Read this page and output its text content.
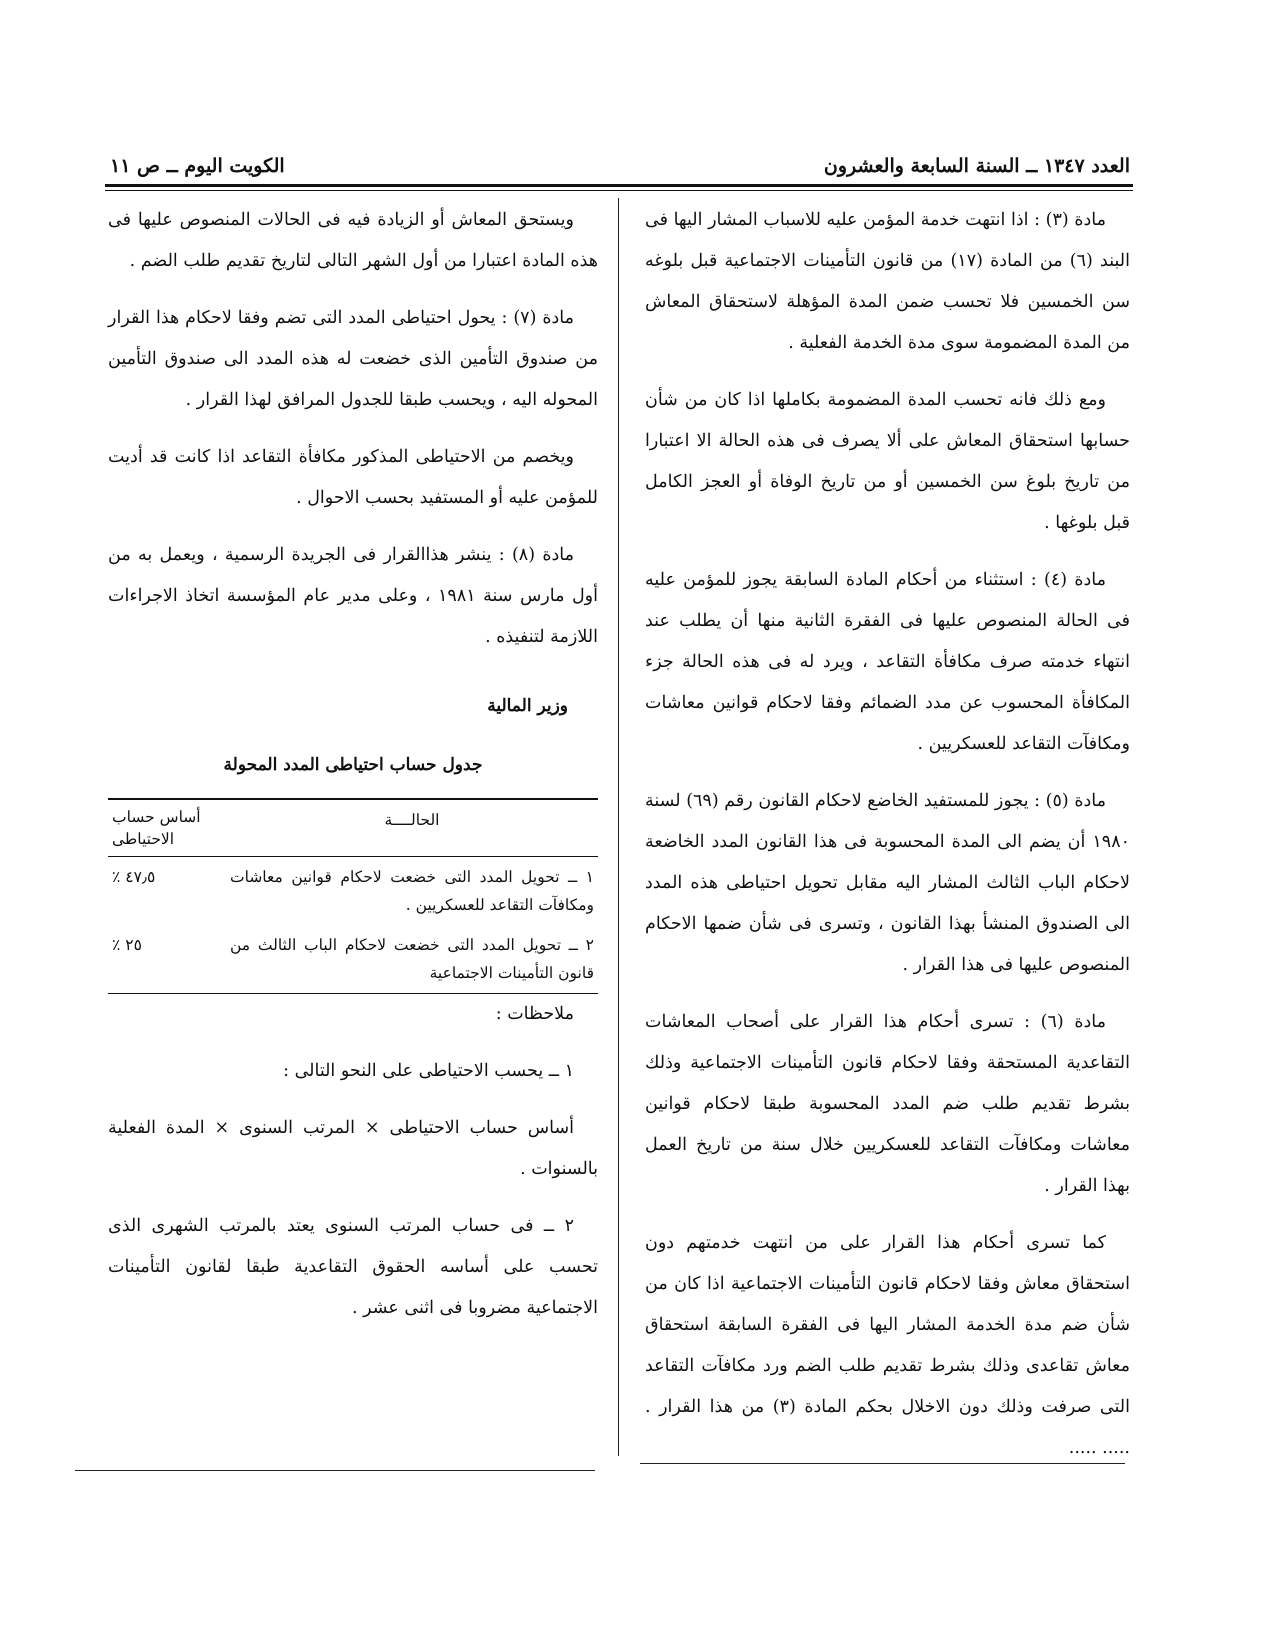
العدد ١٣٤٧ ــ السنة السابعة والعشرون
الكويت اليوم ــ ص ١١

مادة (٣) : اذا انتهت خدمة المؤمن عليه للاسباب المشار اليها فى البند (٦) من المادة (١٧) من قانون التأمينات الاجتماعية قبل بلوغه سن الخمسين فلا تحسب ضمن المدة المؤهلة لاستحقاق المعاش من المدة المضمومة سوى مدة الخدمة الفعلية .

ومع ذلك فانه تحسب المدة المضمومة بكاملها اذا كان من شأن حسابها استحقاق المعاش على ألا يصرف فى هذه الحالة الا اعتبارا من تاريخ بلوغ سن الخمسين أو من تاريخ الوفاة أو العجز الكامل قبل بلوغها .

مادة (٤) : استثناء من أحكام المادة السابقة يجوز للمؤمن عليه فى الحالة المنصوص عليها فى الفقرة الثانية منها أن يطلب عند انتهاء خدمته صرف مكافأة التقاعد ، ويرد له فى هذه الحالة جزء المكافأة المحسوب عن مدد الضمائم وفقا لاحكام قوانين معاشات ومكافآت التقاعد للعسكريين .

مادة (٥) : يجوز للمستفيد الخاضع لاحكام القانون رقم (٦٩) لسنة ١٩٨٠ أن يضم الى المدة المحسوبة فى هذا القانون المدد الخاضعة لاحكام الباب الثالث المشار اليه مقابل تحويل احتياطى هذه المدد الى الصندوق المنشأ بهذا القانون ، وتسرى فى شأن ضمها الاحكام المنصوص عليها فى هذا القرار .

مادة (٦) : تسرى أحكام هذا القرار على أصحاب المعاشات التقاعدية المستحقة وفقا لاحكام قانون التأمينات الاجتماعية وذلك بشرط تقديم طلب ضم المدد المحسوبة طبقا لاحكام قوانين معاشات ومكافآت التقاعد للعسكريين خلال سنة من تاريخ العمل بهذا القرار .

كما تسرى أحكام هذا القرار على من انتهت خدمتهم دون استحقاق معاش وفقا لاحكام قانون التأمينات الاجتماعية اذا كان من شأن ضم مدة الخدمة المشار اليها فى الفقرة السابقة استحقاق معاش تقاعدى وذلك بشرط تقديم طلب الضم ورد مكافآت التقاعد التى صرفت وذلك دون الاخلال بحكم المادة (٣) من هذا القرار . ..... .....

ويستحق المعاش أو الزيادة فيه فى الحالات المنصوص عليها فى هذه المادة اعتبارا من أول الشهر التالى لتاريخ تقديم طلب الضم .

مادة (٧) : يحول احتياطى المدد التى تضم وفقا لاحكام هذا القرار من صندوق التأمين الذى خضعت له هذه المدد الى صندوق التأمين المحوله اليه ، ويحسب طبقا للجدول المرافق لهذا القرار .

ويخصم من الاحتياطى المذكور مكافأة التقاعد اذا كانت قد أديت للمؤمن عليه أو المستفيد بحسب الاحوال .

مادة (٨) : ينشر هذاالقرار فى الجريدة الرسمية ، ويعمل به من أول مارس سنة ١٩٨١ ، وعلى مدير عام المؤسسة اتخاذ الاجراءات اللازمة لتنفيذه .

وزير المالية
جدول حساب احتياطى المدد المحولة
الحالــــة	أساس حساب الاحتياطى
١ ــ تحويل المدد التى خضعت لاحكام قوانين معاشات ومكافآت التقاعد للعسكريين .	٤٧٫٥ ٪
٢ ــ تحويل المدد التى خضعت لاحكام الباب الثالث من قانون التأمينات الاجتماعية	٢٥ ٪

ملاحظات :

١ ــ يحسب الاحتياطى على النحو التالى :

أساس حساب الاحتياطى × المرتب السنوى × المدة الفعلية بالسنوات .

٢ ــ فى حساب المرتب السنوى يعتد بالمرتب الشهرى الذى تحسب على أساسه الحقوق التقاعدية طبقا لقانون التأمينات الاجتماعية مضروبا فى اثنى عشر .
